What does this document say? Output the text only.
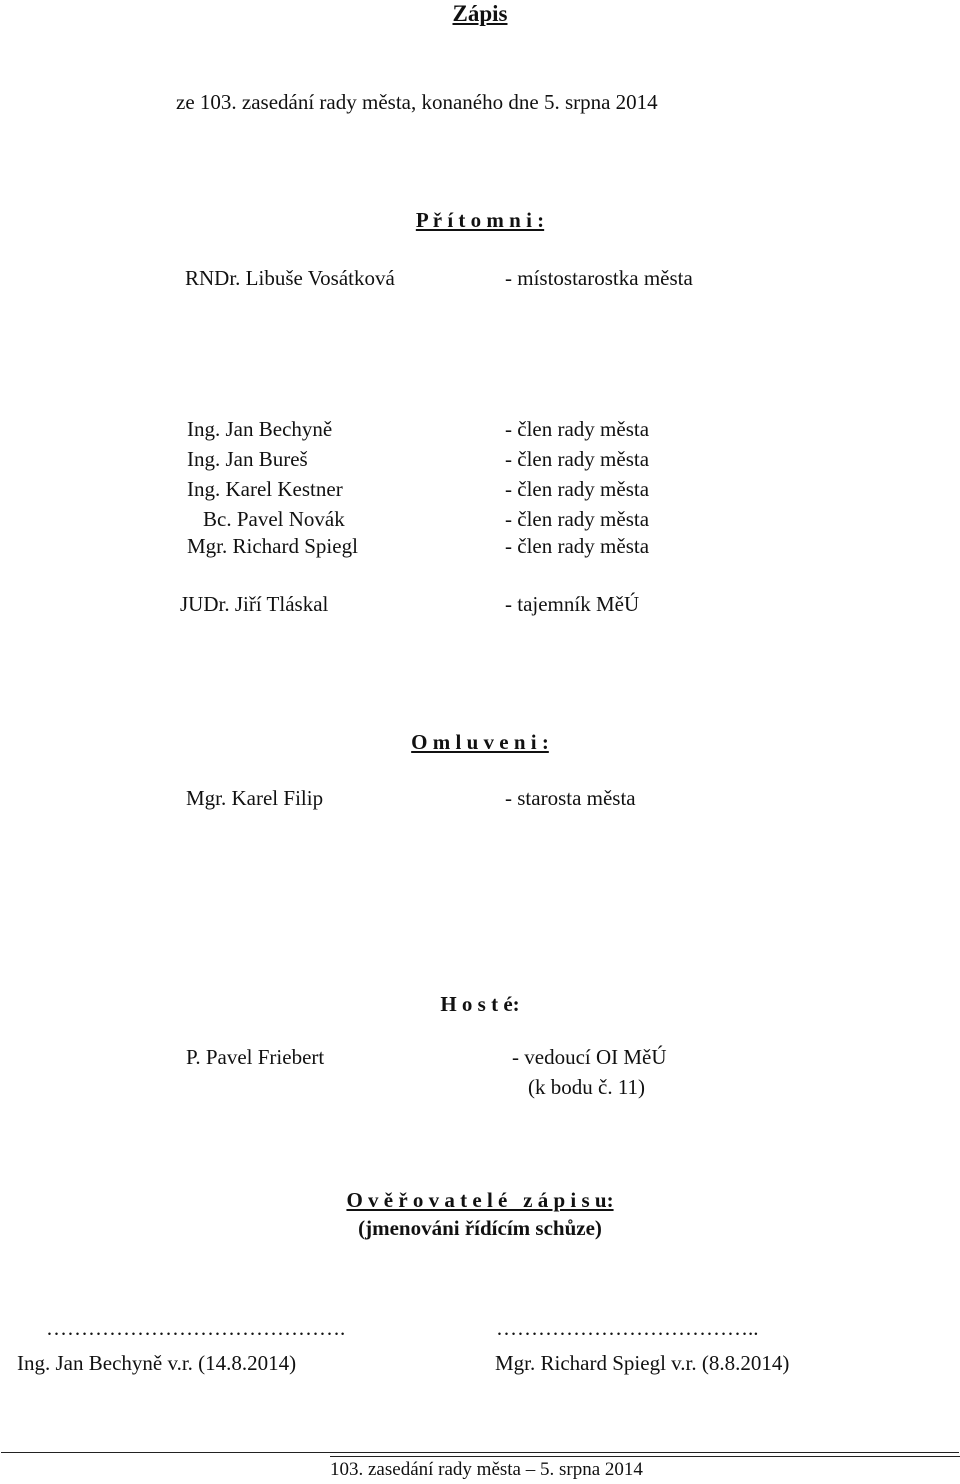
Zápis
ze 103. zasedání rady města, konaného dne 5. srpna 2014
P ř í t o m n i :
RNDr. Libuše Vosátková	- místostarostka města
Ing. Jan Bechyně	- člen rady města
Ing. Jan Bureš	- člen rady města
Ing. Karel Kestner	- člen rady města
Bc. Pavel Novák	- člen rady města
Mgr. Richard Spiegl	- člen rady města
JUDr. Jiří Tláskal	- tajemník MěÚ
O m l u v e n i :
Mgr. Karel Filip	- starosta města
H o s t é:
P. Pavel Friebert	- vedoucí OI MěÚ
(k bodu č. 11)
O v ě ř o v a t e l é   z á p i s u:
(jmenováni řídícím schůze)
…………………………………….
Ing. Jan Bechyně v.r. (14.8.2014)
………………………………..
Mgr. Richard Spiegl v.r. (8.8.2014)
103. zasedání rady města – 5. srpna 2014
